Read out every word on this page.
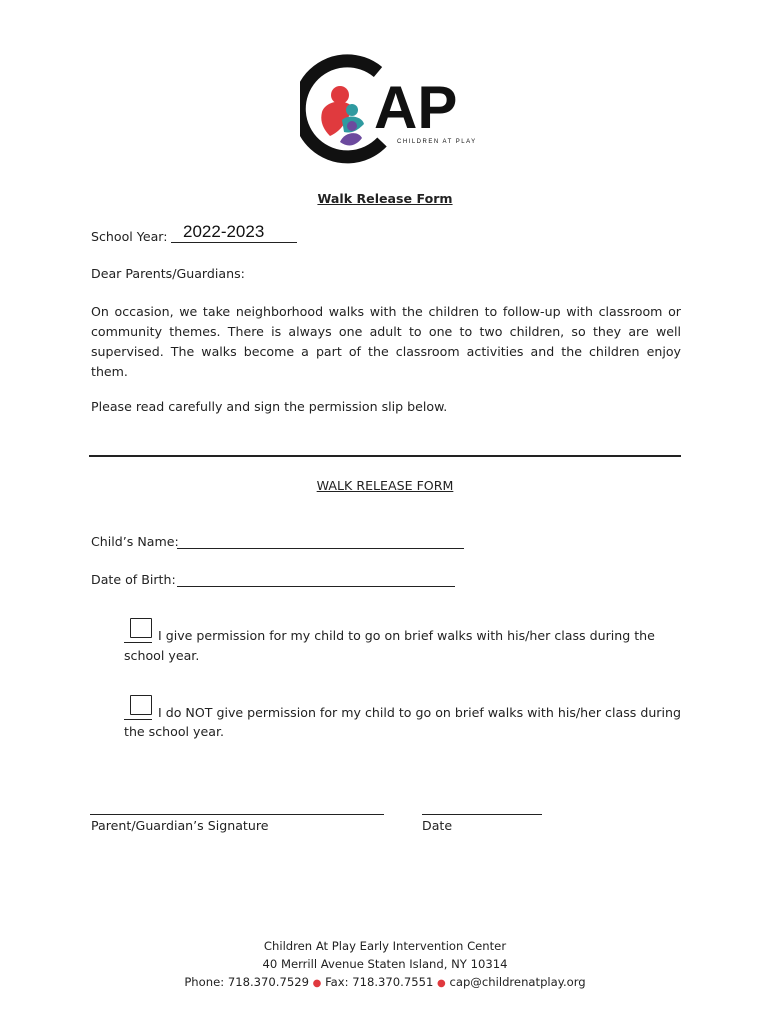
AP
CHILDREN AT PLAY
Walk Release Form
School Year: 2022-2023
Dear Parents/Guardians:
On occasion, we take neighborhood walks with the children to follow-up with classroom or community themes. There is always one adult to one to two children, so they are well supervised. The walks become a part of the classroom activities and the children enjoy them.
Please read carefully and sign the permission slip below.
WALK RELEASE FORM
Child’s Name:
Date of Birth:
I give permission for my child to go on brief walks with his/her class during the
school year.
I do NOT give permission for my child to go on brief walks with his/her class during
the school year.
Parent/Guardian’s Signature	Date
Children At Play Early Intervention Center
40 Merrill Avenue Staten Island, NY 10314
Phone: 718.370.7529 ● Fax: 718.370.7551 ● cap@childrenatplay.org
